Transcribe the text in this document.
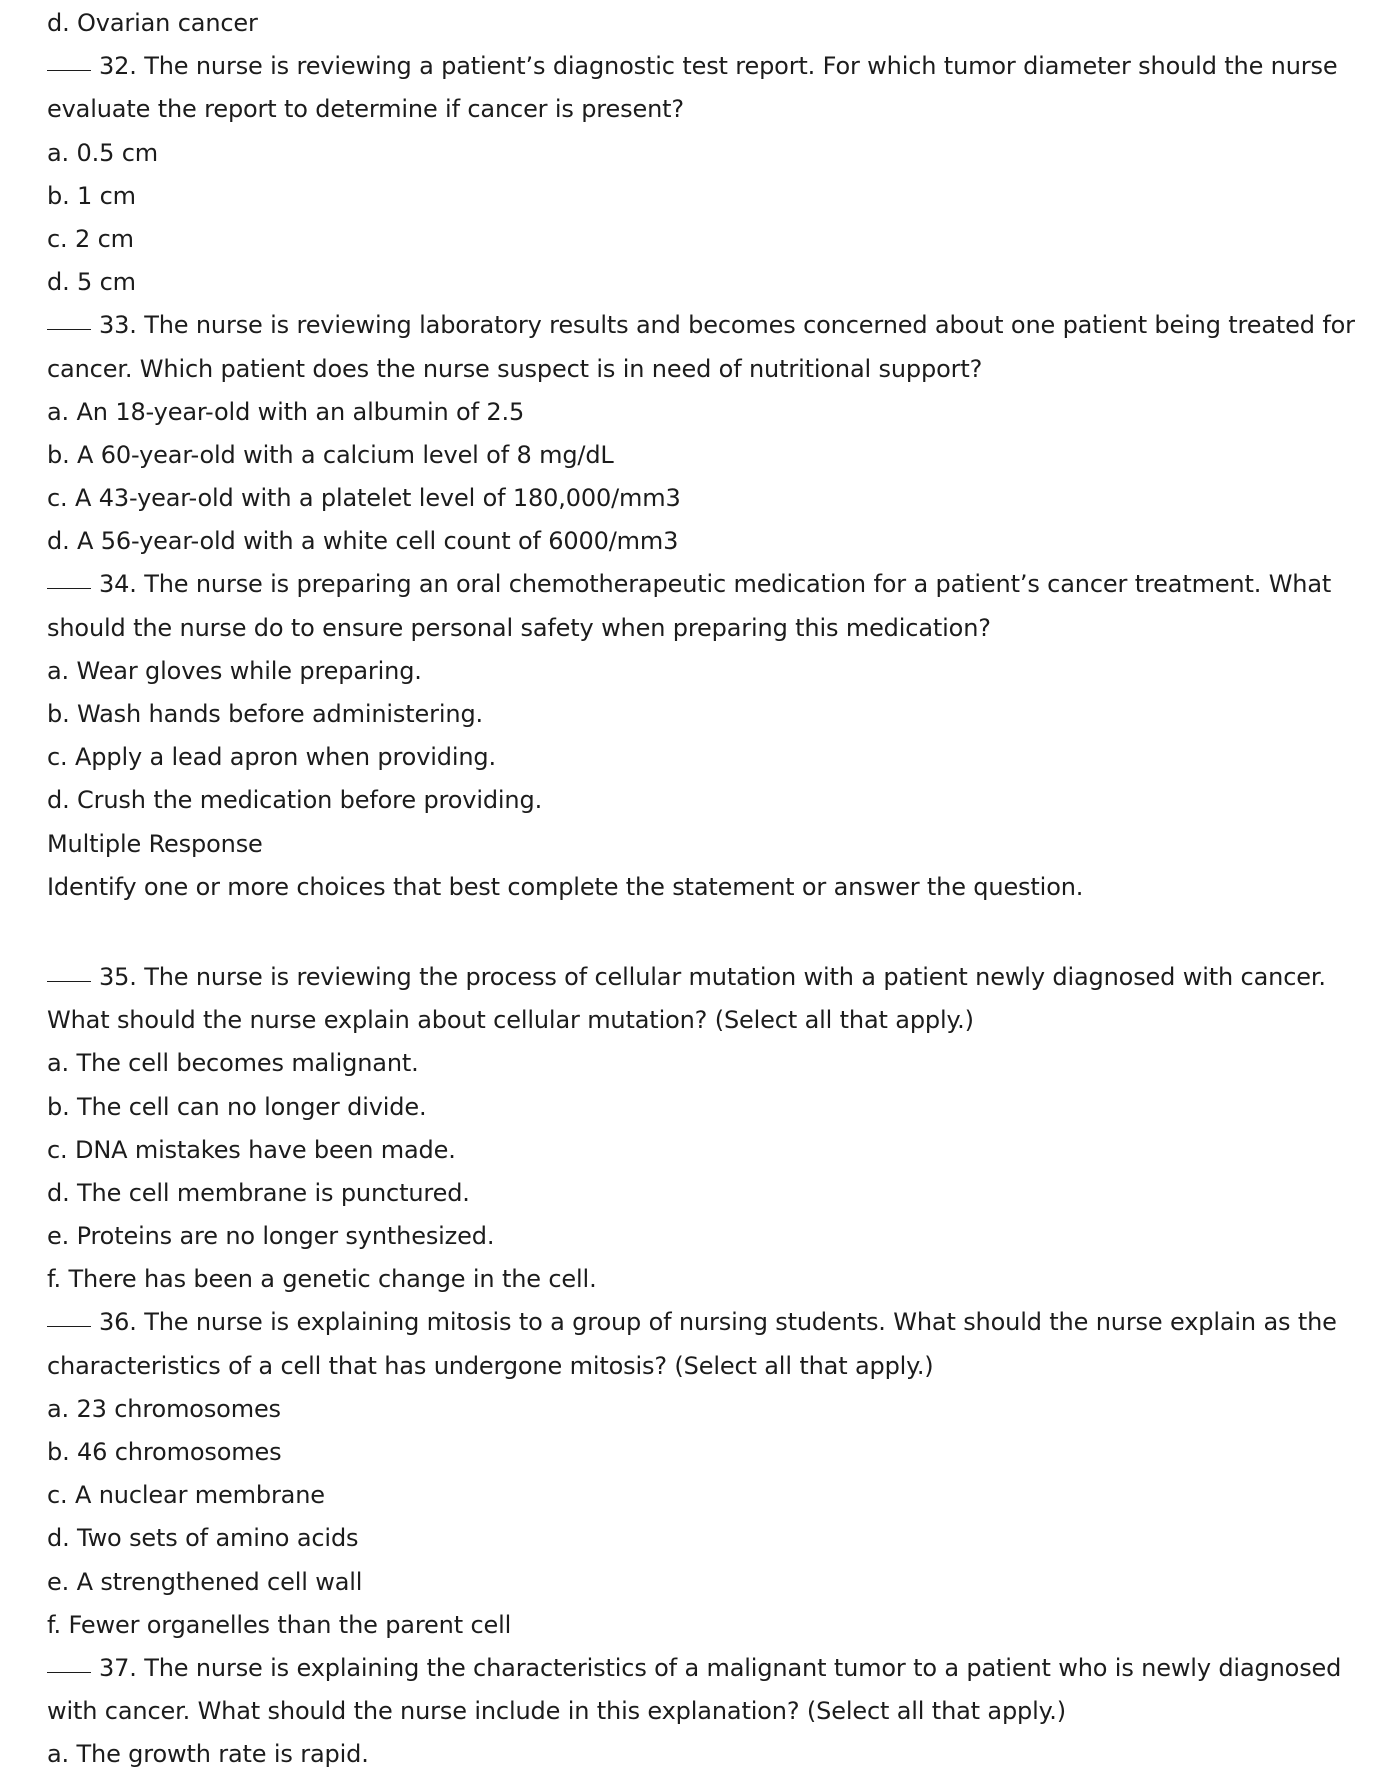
d. Ovarian cancer
32. The nurse is reviewing a patient’s diagnostic test report. For which tumor diameter should the nurse
evaluate the report to determine if cancer is present?
a. 0.5 cm
b. 1 cm
c. 2 cm
d. 5 cm
33. The nurse is reviewing laboratory results and becomes concerned about one patient being treated for
cancer. Which patient does the nurse suspect is in need of nutritional support?
a. An 18-year-old with an albumin of 2.5
b. A 60-year-old with a calcium level of 8 mg/dL
c. A 43-year-old with a platelet level of 180,000/mm3
d. A 56-year-old with a white cell count of 6000/mm3
34. The nurse is preparing an oral chemotherapeutic medication for a patient’s cancer treatment. What
should the nurse do to ensure personal safety when preparing this medication?
a. Wear gloves while preparing.
b. Wash hands before administering.
c. Apply a lead apron when providing.
d. Crush the medication before providing.
Multiple Response
Identify one or more choices that best complete the statement or answer the question.
35. The nurse is reviewing the process of cellular mutation with a patient newly diagnosed with cancer.
What should the nurse explain about cellular mutation? (Select all that apply.)
a. The cell becomes malignant.
b. The cell can no longer divide.
c. DNA mistakes have been made.
d. The cell membrane is punctured.
e. Proteins are no longer synthesized.
f. There has been a genetic change in the cell.
36. The nurse is explaining mitosis to a group of nursing students. What should the nurse explain as the
characteristics of a cell that has undergone mitosis? (Select all that apply.)
a. 23 chromosomes
b. 46 chromosomes
c. A nuclear membrane
d. Two sets of amino acids
e. A strengthened cell wall
f. Fewer organelles than the parent cell
37. The nurse is explaining the characteristics of a malignant tumor to a patient who is newly diagnosed
with cancer. What should the nurse include in this explanation? (Select all that apply.)
a. The growth rate is rapid.
